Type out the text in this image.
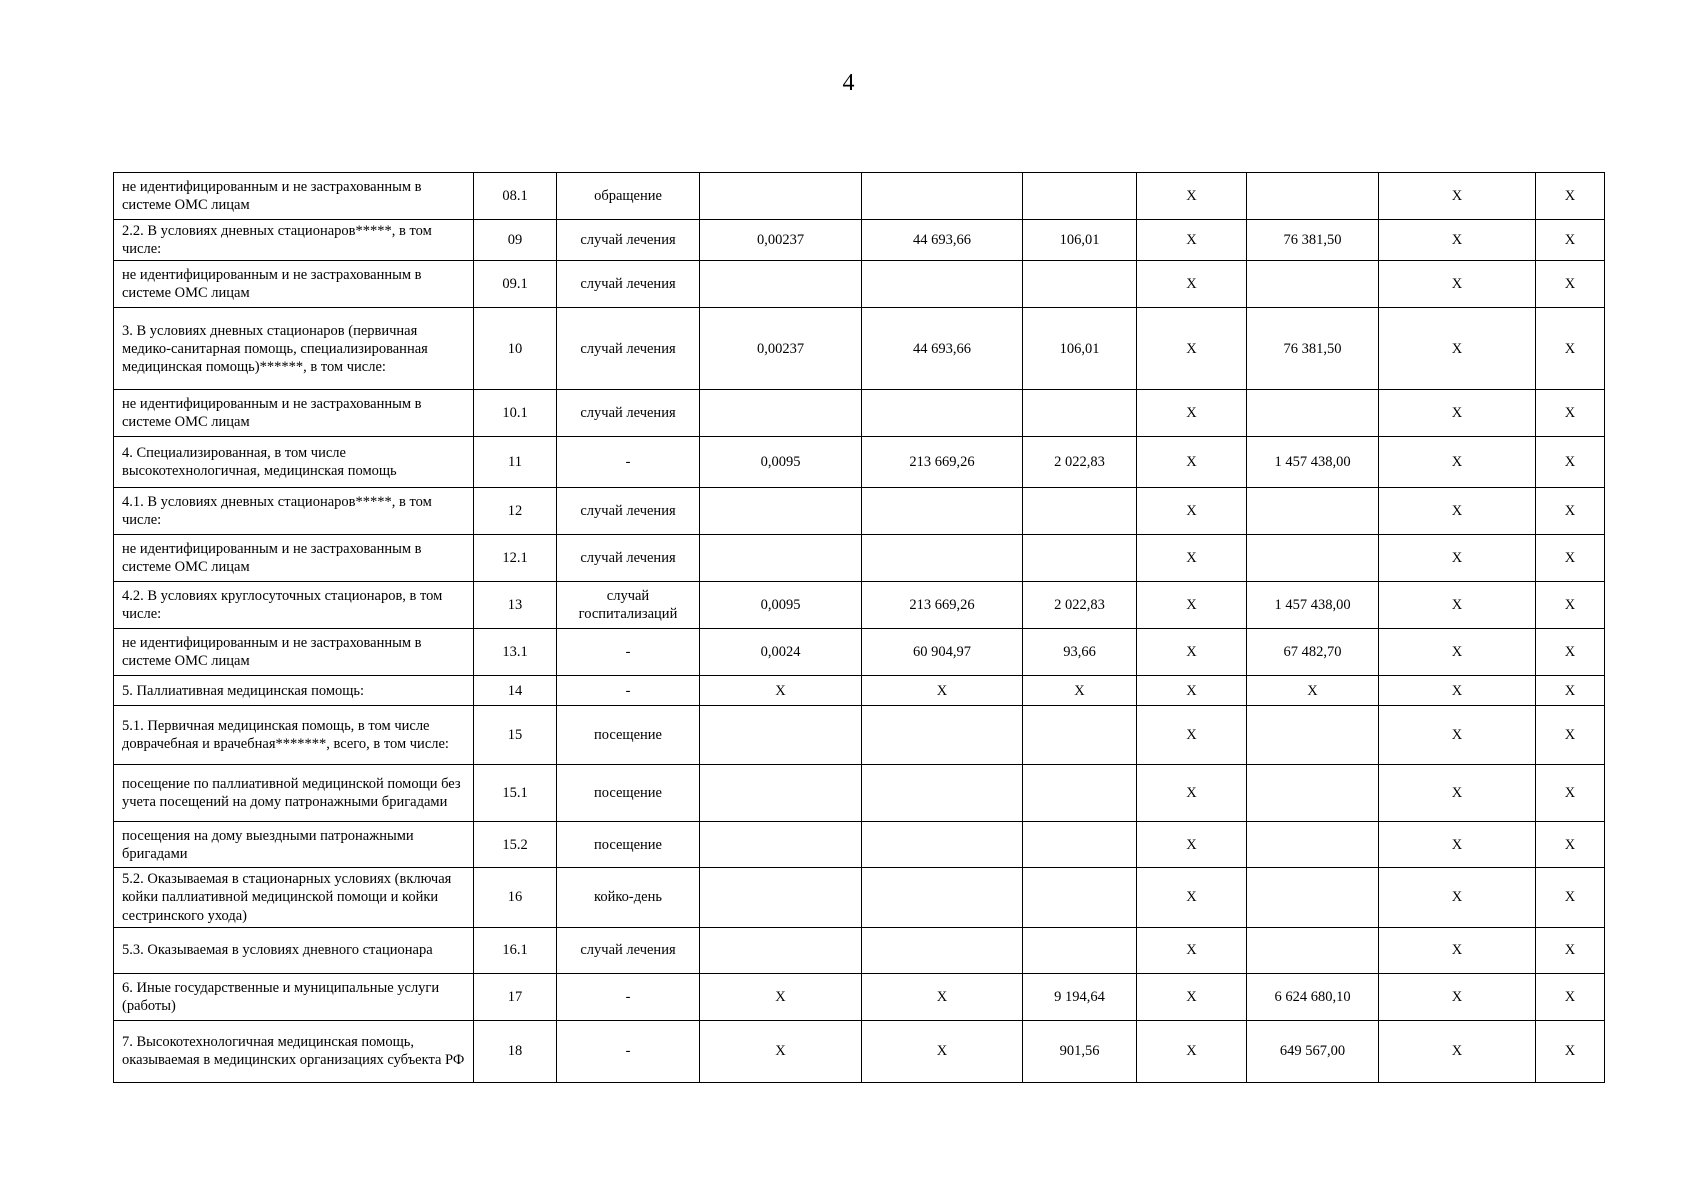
4
не идентифицированным и не застрахованным в системе ОМС лицам	08.1	обращение				X		X	X
2.2. В условиях дневных стационаров*****, в том числе:	09	случай лечения	0,00237	44 693,66	106,01	X	76 381,50	X	X
не идентифицированным и не застрахованным в системе ОМС лицам	09.1	случай лечения				X		X	X
3. В условиях дневных стационаров (первичная медико-санитарная помощь, специализированная медицинская помощь)******, в том числе:	10	случай лечения	0,00237	44 693,66	106,01	X	76 381,50	X	X
не идентифицированным и не застрахованным в системе ОМС лицам	10.1	случай лечения				X		X	X
4. Специализированная, в том числе высокотехнологичная, медицинская помощь	11	-	0,0095	213 669,26	2 022,83	X	1 457 438,00	X	X
4.1. В условиях дневных стационаров*****, в том числе:	12	случай лечения				X		X	X
не идентифицированным и не застрахованным в системе ОМС лицам	12.1	случай лечения				X		X	X
4.2. В условиях круглосуточных стационаров, в том числе:	13	случай госпитализаций	0,0095	213 669,26	2 022,83	X	1 457 438,00	X	X
не идентифицированным и не застрахованным в системе ОМС лицам	13.1	-	0,0024	60 904,97	93,66	X	67 482,70	X	X
5. Паллиативная медицинская помощь:	14	-	X	X	X	X	X	X	X
5.1. Первичная медицинская помощь, в том числе доврачебная и врачебная*******, всего, в том числе:	15	посещение				X		X	X
посещение по паллиативной медицинской помощи без учета посещений на дому патронажными бригадами	15.1	посещение				X		X	X
посещения на дому выездными патронажными бригадами	15.2	посещение				X		X	X
5.2. Оказываемая в стационарных условиях (включая койки паллиативной медицинской помощи и койки сестринского ухода)	16	койко-день				X		X	X
5.3. Оказываемая в условиях дневного стационара	16.1	случай лечения				X		X	X
6. Иные государственные и муниципальные услуги (работы)	17	-	X	X	9 194,64	X	6 624 680,10	X	X
7. Высокотехнологичная медицинская помощь, оказываемая в медицинских организациях субъекта РФ	18	-	X	X	901,56	X	649 567,00	X	X
